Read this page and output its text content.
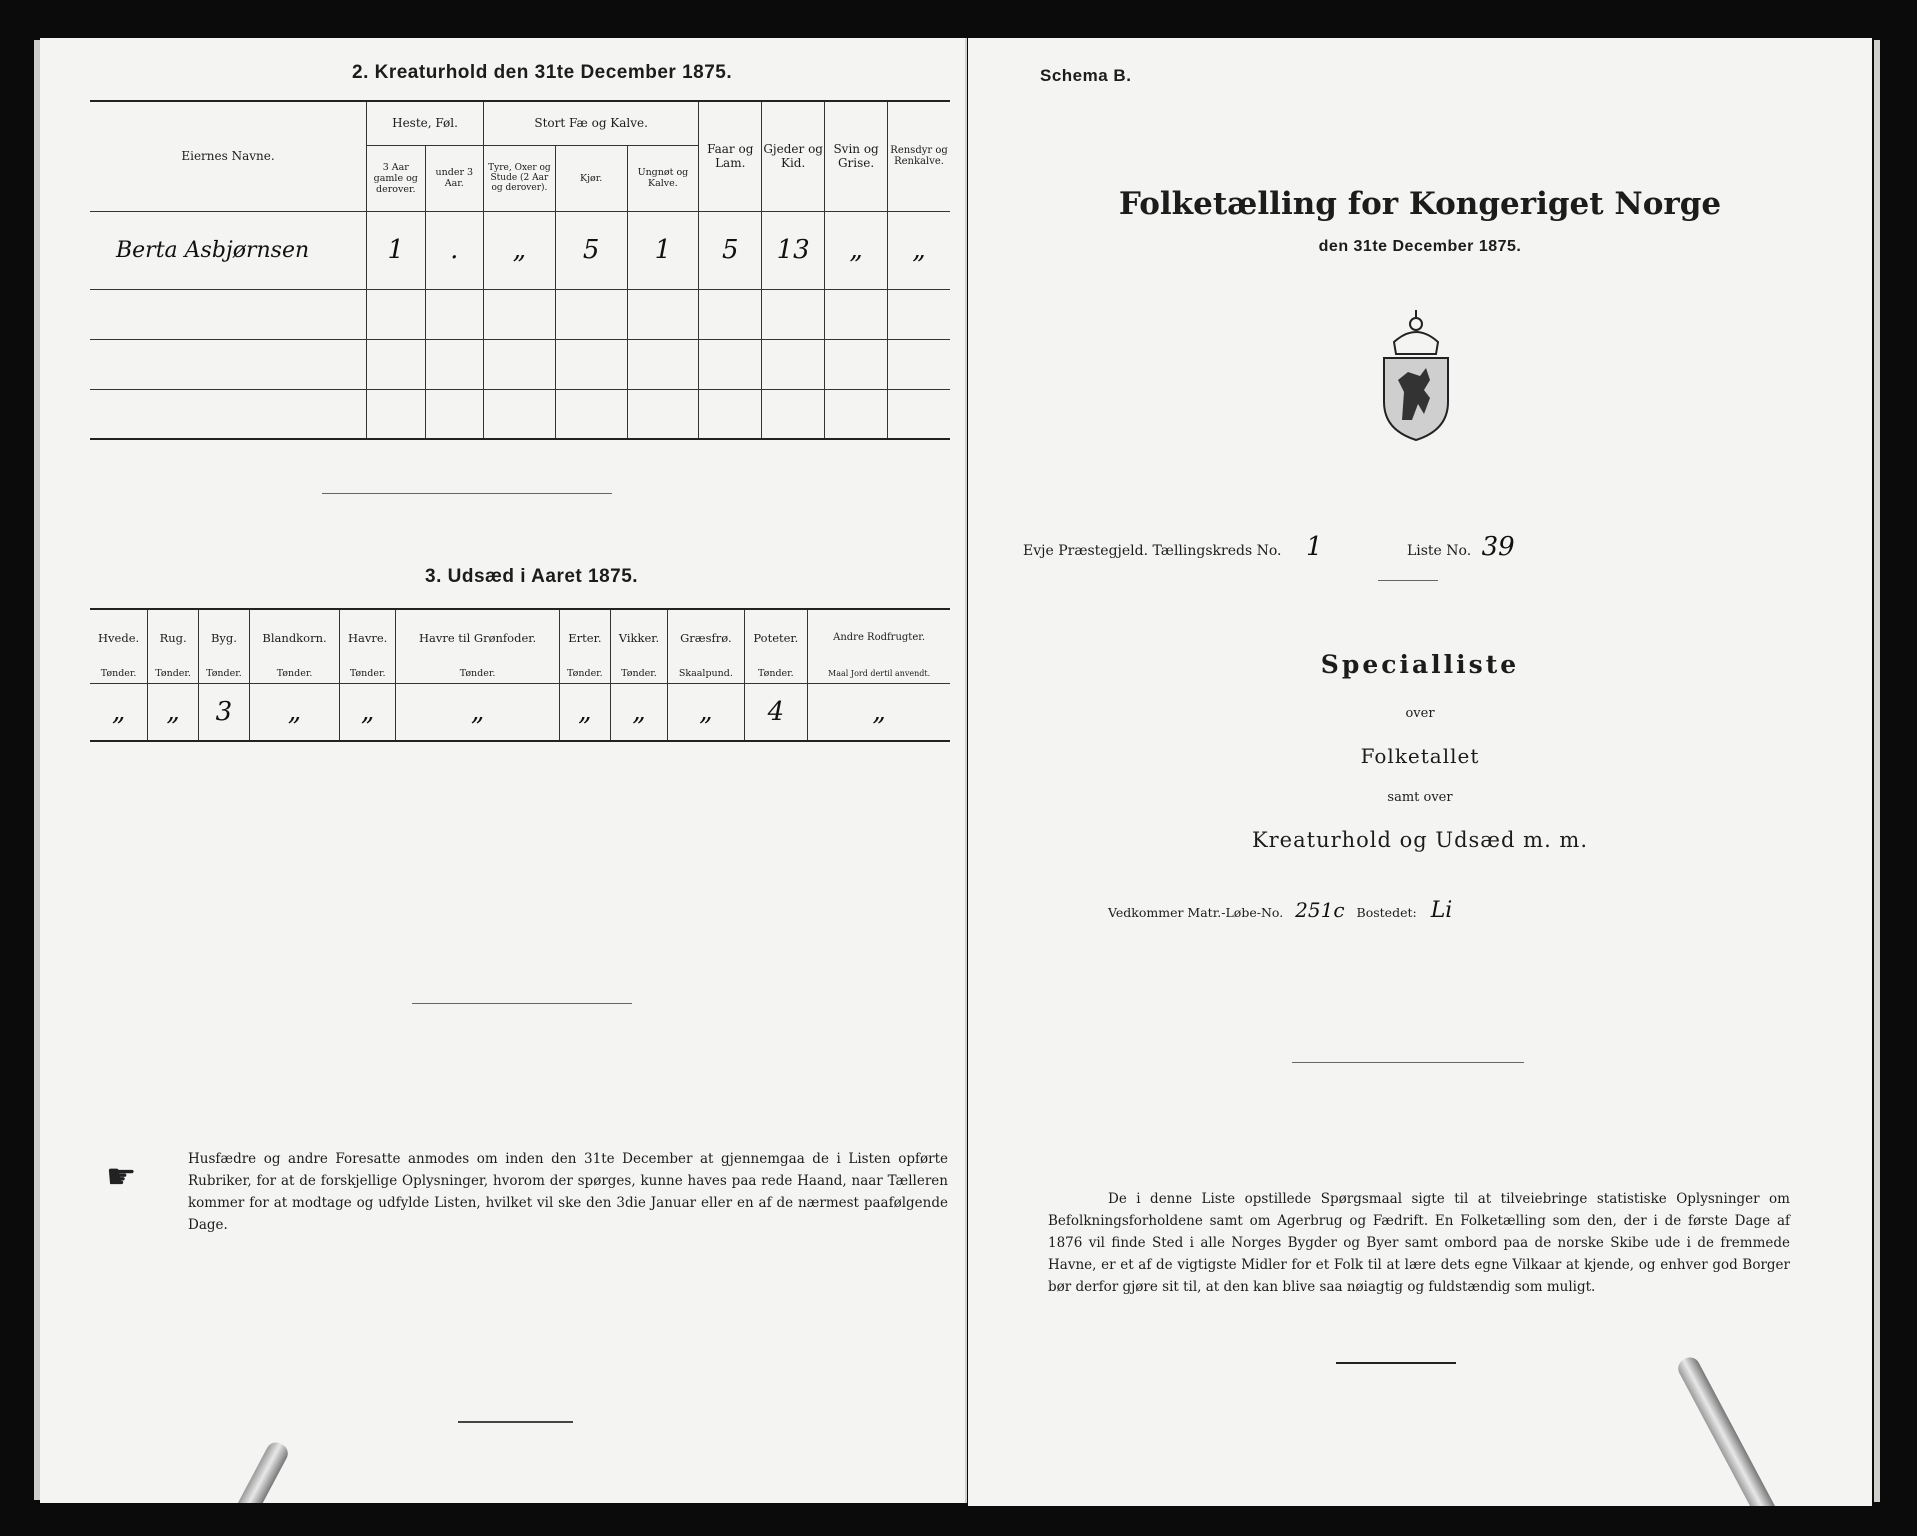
2. Kreaturhold den 31te December 1875.
Eiernes Navne.	Heste, Føl.		Stort Fæ og Kalve.			Faar og Lam.	Gjeder og Kid.	Svin og Grise.	Rensdyr og Renkalve.
	3 Aar gamle og derover.	under 3 Aar.	Tyre, Oxer og Stude (2 Aar og derover).	Kjør.	Ungnøt og Kalve.				
Berta Asbjørnsen	1	.	„	5	1	5	13	„	„

3. Udsæd i Aaret 1875.
Hvede.	Rug.	Byg.	Blandkorn.	Havre.	Havre til Grønfoder.	Erter.	Vikker.	Græsfrø.	Poteter.	Andre Rodfrugter.
Tønder.	Tønder.	Tønder.	Tønder.	Tønder.	Tønder.	Tønder.	Tønder.	Skaalpund.	Tønder.	Maal Jord dertil anvendt.
„	„	3	„	„	„	„	„	„	4	„
☛	Husfædre og andre Foresatte anmodes om inden den 31te December at gjennemgaa de i Listen opførte Rubriker, for at de forskjellige Oplysninger, hvorom der spørges, kunne haves paa rede Haand, naar Tælleren kommer for at modtage og udfylde Listen, hvilket vil ske den 3die Januar eller en af de nærmest paafølgende Dage.
Schema B.
Folketælling for Kongeriget Norge
den 31te December 1875.
Evje Præstegjeld. Tællingskreds No. 1	Liste No. 39
Specialliste
over
Folketallet
samt over
Kreaturhold og Udsæd m. m.
Vedkommer Matr.-Løbe-No. 251c Bostedet: Li
De i denne Liste opstillede Spørgsmaal sigte til at tilveiebringe statistiske Oplysninger om Befolkningsforholdene samt om Agerbrug og Fædrift. En Folketælling som den, der i de første Dage af 1876 vil finde Sted i alle Norges Bygder og Byer samt ombord paa de norske Skibe ude i de fremmede Havne, er et af de vigtigste Midler for et Folk til at lære dets egne Vilkaar at kjende, og enhver god Borger bør derfor gjøre sit til, at den kan blive saa nøiagtig og fuldstændig som muligt.
